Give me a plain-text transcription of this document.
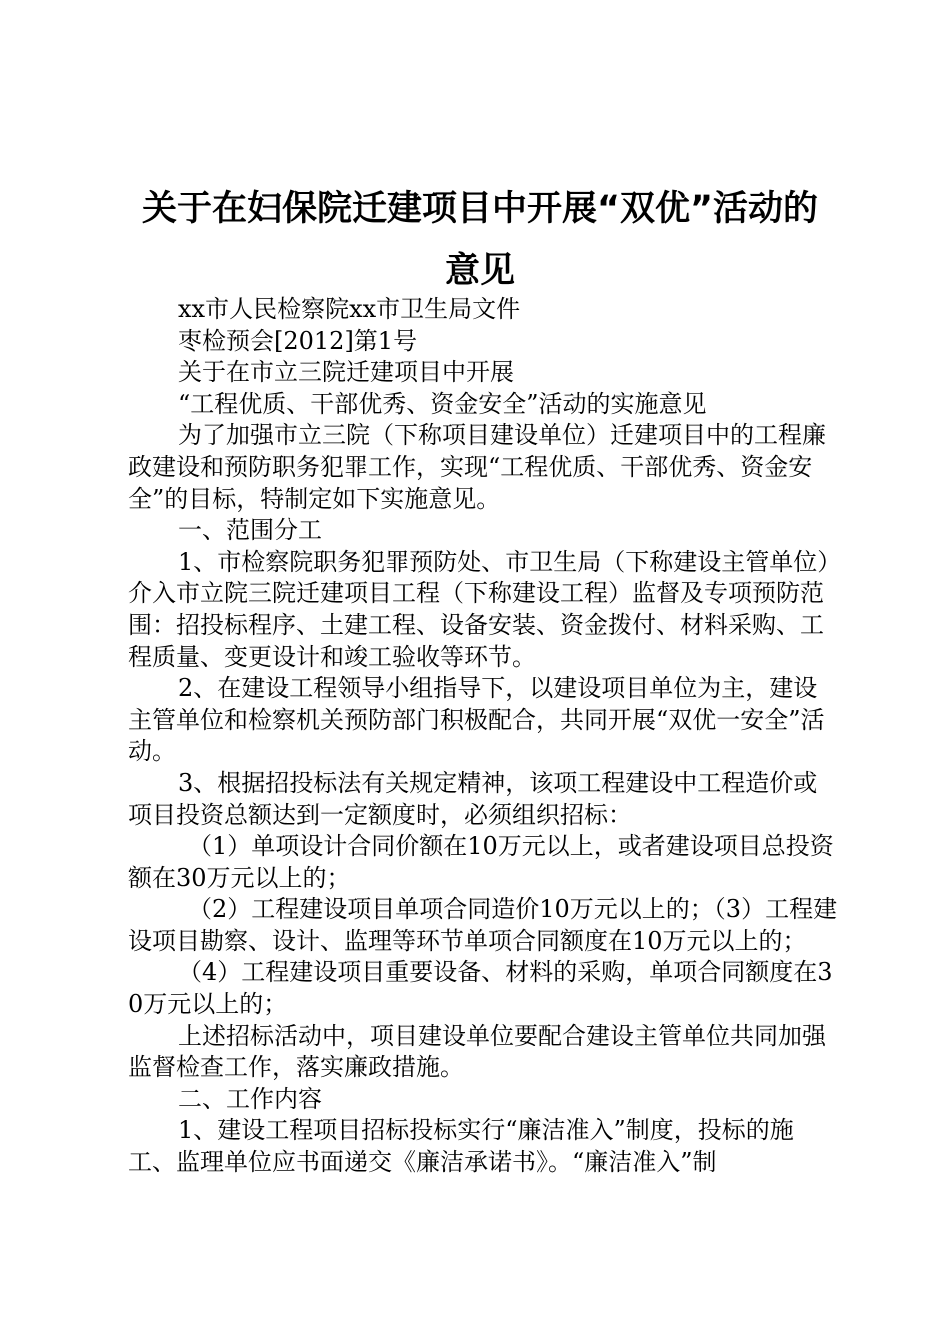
关于在妇保院迁建项目中开展“双优”活动的
意见

xx市人民检察院xx市卫生局文件

枣检预会[2012]第1号

关于在市立三院迁建项目中开展

“工程优质、干部优秀、资金安全”活动的实施意见

为了加强市立三院（下称项目建设单位）迁建项目中的工程廉政建设和预防职务犯罪工作，实现“工程优质、干部优秀、资金安全”的目标，特制定如下实施意见。

一、范围分工

1、市检察院职务犯罪预防处、市卫生局（下称建设主管单位）介入市立院三院迁建项目工程（下称建设工程）监督及专项预防范围：招投标程序、土建工程、设备安装、资金拨付、材料采购、工程质量、变更设计和竣工验收等环节。

2、在建设工程领导小组指导下，以建设项目单位为主，建设主管单位和检察机关预防部门积极配合，共同开展“双优一安全”活动。

3、根据招投标法有关规定精神，该项工程建设中工程造价或项目投资总额达到一定额度时，必须组织招标：

（1）单项设计合同价额在10万元以上，或者建设项目总投资额在30万元以上的；

（2）工程建设项目单项合同造价10万元以上的；（3）工程建设项目勘察、设计、监理等环节单项合同额度在10万元以上的；

（4）工程建设项目重要设备、材料的采购，单项合同额度在30万元以上的；

上述招标活动中，项目建设单位要配合建设主管单位共同加强监督检查工作，落实廉政措施。

二、工作内容

1、建设工程项目招标投标实行“廉洁准入”制度，投标的施工、监理单位应书面递交《廉洁承诺书》。“廉洁准入”制
